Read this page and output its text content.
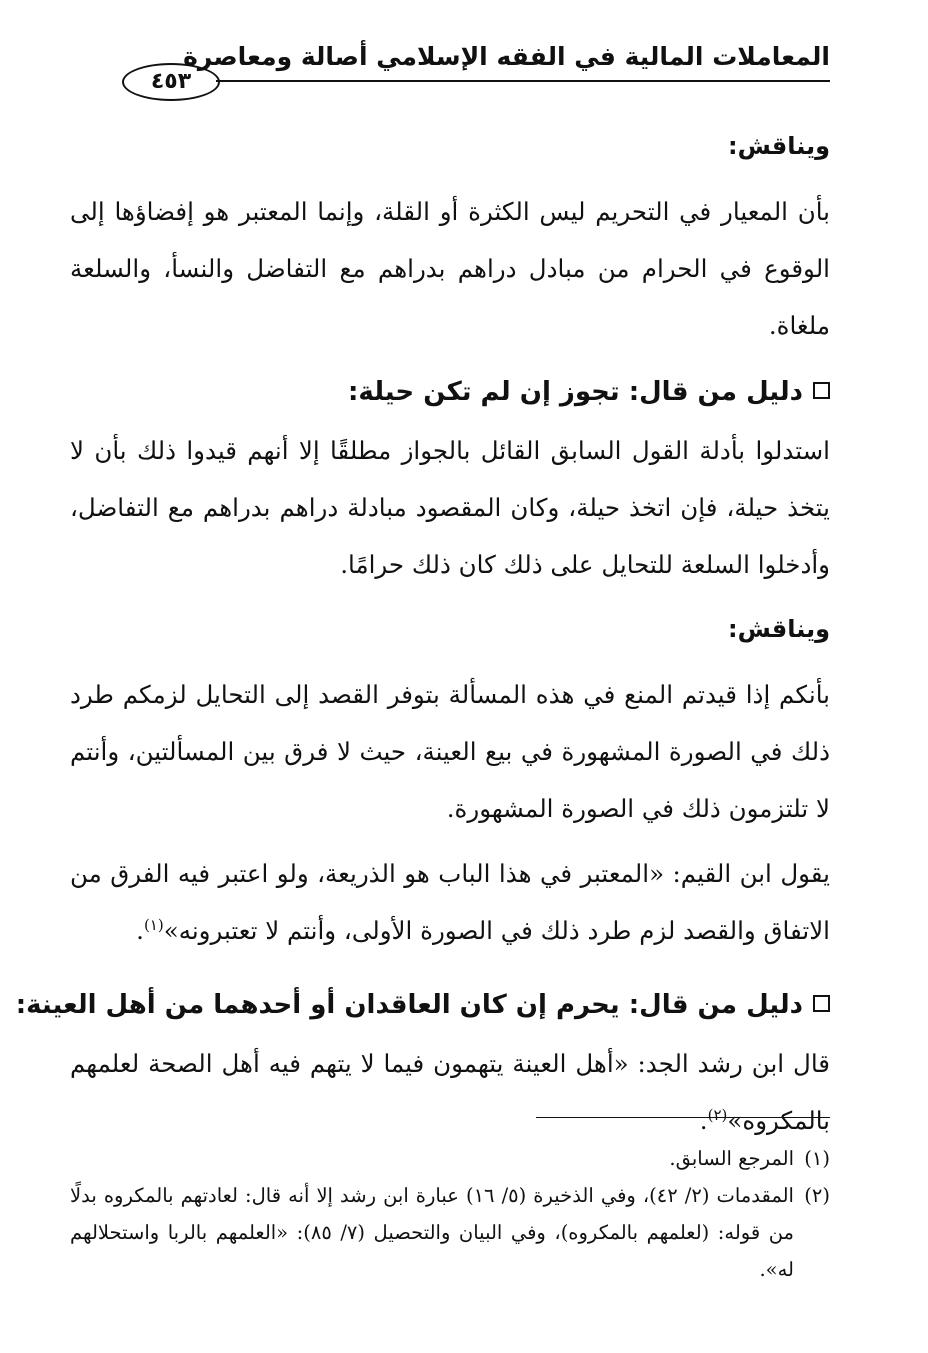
المعاملات المالية في الفقه الإسلامي أصالة ومعاصرة
٤٥٣

ويناقش:

بأن المعيار في التحريم ليس الكثرة أو القلة، وإنما المعتبر هو إفضاؤها إلى الوقوع في الحرام من مبادل دراهم بدراهم مع التفاضل والنسأ، والسلعة ملغاة.

دليل من قال: تجوز إن لم تكن حيلة:

استدلوا بأدلة القول السابق القائل بالجواز مطلقًا إلا أنهم قيدوا ذلك بأن لا يتخذ حيلة، فإن اتخذ حيلة، وكان المقصود مبادلة دراهم بدراهم مع التفاضل، وأدخلوا السلعة للتحايل على ذلك كان ذلك حرامًا.

ويناقش:

بأنكم إذا قيدتم المنع في هذه المسألة بتوفر القصد إلى التحايل لزمكم طرد ذلك في الصورة المشهورة في بيع العينة، حيث لا فرق بين المسألتين، وأنتم لا تلتزمون ذلك في الصورة المشهورة.

يقول ابن القيم: «المعتبر في هذا الباب هو الذريعة، ولو اعتبر فيه الفرق من الاتفاق والقصد لزم طرد ذلك في الصورة الأولى، وأنتم لا تعتبرونه»$^{(١)}$.

دليل من قال: يحرم إن كان العاقدان أو أحدهما من أهل العينة:

قال ابن رشد الجد: «أهل العينة يتهمون فيما لا يتهم فيه أهل الصحة لعلمهم بالمكروه»$^{(٢)}$.

(١)
المرجع السابق.
(٢)
المقدمات (٢/ ٤٢)، وفي الذخيرة (٥/ ١٦) عبارة ابن رشد إلا أنه قال: لعادتهم بالمكروه بدلًا من قوله: (لعلمهم بالمكروه)، وفي البيان والتحصيل (٧/ ٨٥): «العلمهم بالربا واستحلالهم له».
